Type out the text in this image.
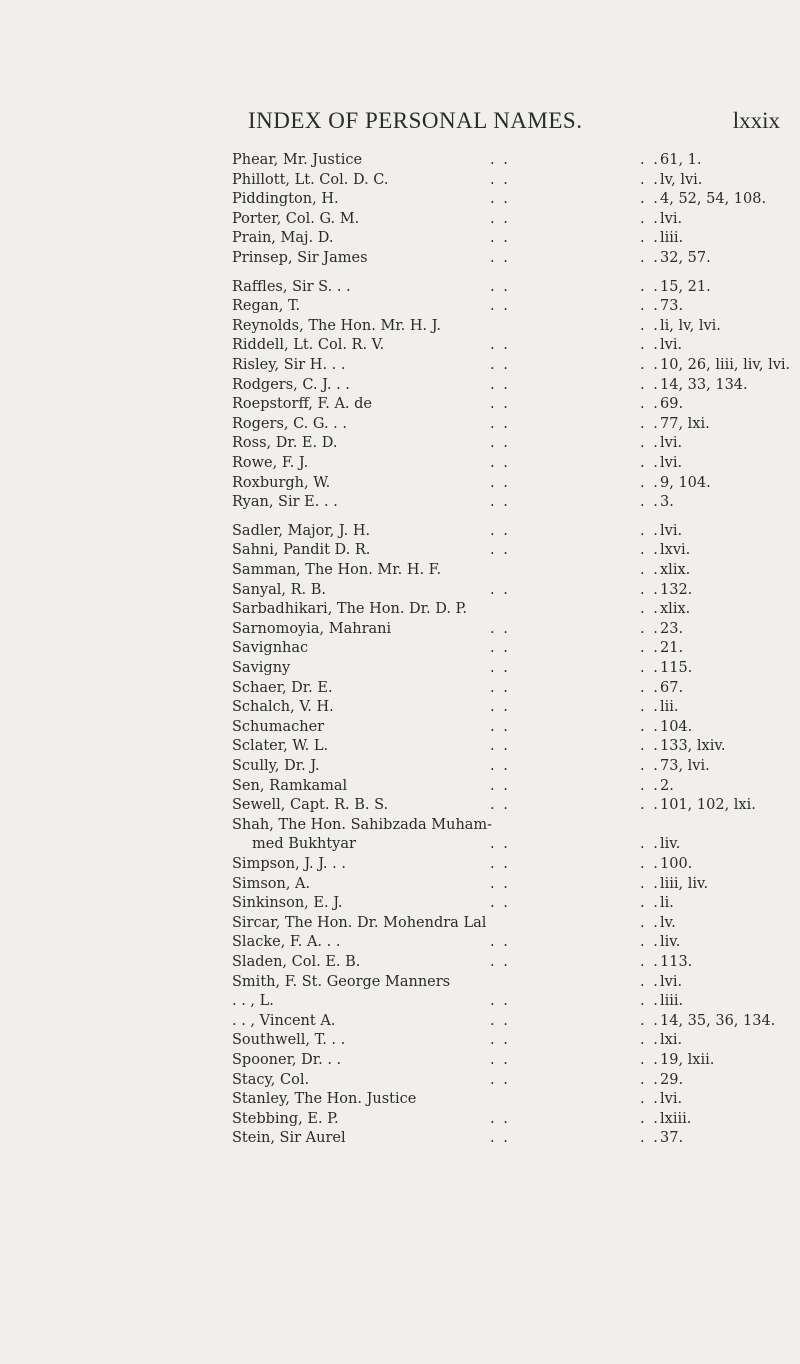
INDEX OF PERSONAL NAMES.	lxxix
Phear, Mr. Justice	. .	. . 61, 1.
Phillott, Lt. Col. D. C.	. .	. . lv, lvi.
Piddington, H.	. .	. . 4, 52, 54, 108.
Porter, Col. G. M.	. .	. . lvi.
Prain, Maj. D.	. .	. . liii.
Prinsep, Sir James	. .	. . 32, 57.
Raffles, Sir S. . .	. .	. . 15, 21.
Regan, T.	. .	. . 73.
Reynolds, The Hon. Mr. H. J.	. . li, lv, lvi.
Riddell, Lt. Col. R. V.	. .	. . lvi.
Risley, Sir H. . .	. .	. . 10, 26, liii, liv, lvi.
Rodgers, C. J. . .	. .	. . 14, 33, 134.
Roepstorff, F. A. de	. .	. . 69.
Rogers, C. G. . .	. .	. . 77, lxi.
Ross, Dr. E. D.	. .	. . lvi.
Rowe, F. J.	. .	. . lvi.
Roxburgh, W.	. .	. . 9, 104.
Ryan, Sir E. . .	. .	. . 3.
Sadler, Major, J. H.	. .	. . lvi.
Sahni, Pandit D. R.	. .	. . lxvi.
Samman, The Hon. Mr. H. F.	. . xlix.
Sanyal, R. B.	. .	. . 132.
Sarbadhikari, The Hon. Dr. D. P.	. . xlix.
Sarnomoyia, Mahrani	. .	. . 23.
Savignhac	. .	. . 21.
Savigny	. .	. . 115.
Schaer, Dr. E.	. .	. . 67.
Schalch, V. H.	. .	. . lii.
Schumacher	. .	. . 104.
Sclater, W. L.	. .	. . 133, lxiv.
Scully, Dr. J.	. .	. . 73, lvi.
Sen, Ramkamal	. .	. . 2.
Sewell, Capt. R. B. S.	. .	. . 101, 102, lxi.
Shah, The Hon. Sahibzada Muham-
med Bukhtyar	. .	. . liv.
Simpson, J. J. . .	. .	. . 100.
Simson, A.	. .	. . liii, liv.
Sinkinson, E. J.	. .	. . li.
Sircar, The Hon. Dr. Mohendra Lal	. . lv.
Slacke, F. A. . .	. .	. . liv.
Sladen, Col. E. B.	. .	. . 113.
Smith, F. St. George Manners	. . lvi.
. . , L.	. .	. . liii.
. . , Vincent A.	. .	. . 14, 35, 36, 134.
Southwell, T. . .	. .	. . lxi.
Spooner, Dr. . .	. .	. . 19, lxii.
Stacy, Col.	. .	. . 29.
Stanley, The Hon. Justice	. . lvi.
Stebbing, E. P.	. .	. . lxiii.
Stein, Sir Aurel	. .	. . 37.
